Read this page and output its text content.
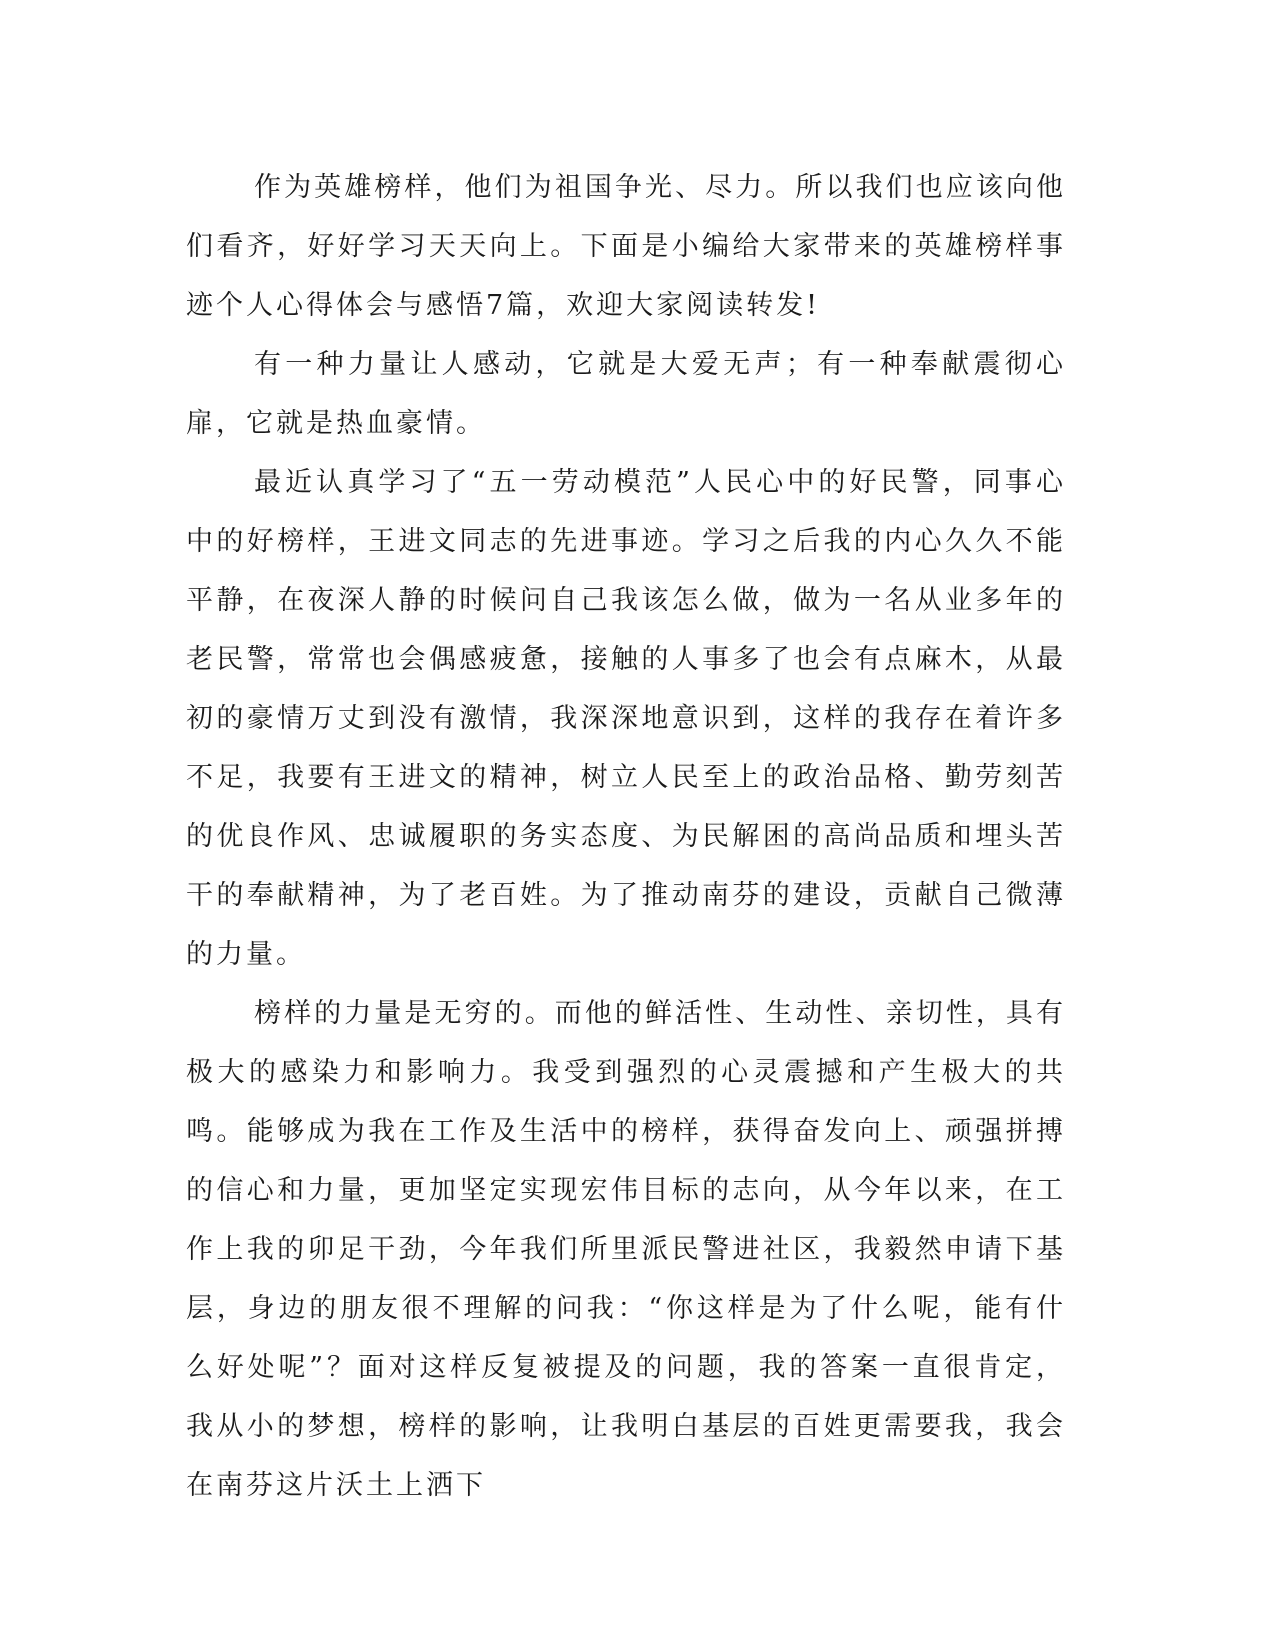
作为英雄榜样，他们为祖国争光、尽力。所以我们也应该向他们看齐，好好学习天天向上。下面是小编给大家带来的英雄榜样事迹个人心得体会与感悟7篇，欢迎大家阅读转发!

有一种力量让人感动，它就是大爱无声；有一种奉献震彻心扉，它就是热血豪情。

最近认真学习了“五一劳动模范”人民心中的好民警，同事心中的好榜样，王进文同志的先进事迹。学习之后我的内心久久不能平静，在夜深人静的时候问自己我该怎么做，做为一名从业多年的老民警，常常也会偶感疲惫，接触的人事多了也会有点麻木，从最初的豪情万丈到没有激情，我深深地意识到，这样的我存在着许多不足，我要有王进文的精神，树立人民至上的政治品格、勤劳刻苦的优良作风、忠诚履职的务实态度、为民解困的高尚品质和埋头苦干的奉献精神，为了老百姓。为了推动南芬的建设，贡献自己微薄的力量。

榜样的力量是无穷的。而他的鲜活性、生动性、亲切性，具有极大的感染力和影响力。我受到强烈的心灵震撼和产生极大的共鸣。能够成为我在工作及生活中的榜样，获得奋发向上、顽强拼搏的信心和力量，更加坚定实现宏伟目标的志向，从今年以来，在工作上我的卯足干劲，今年我们所里派民警进社区，我毅然申请下基层，身边的朋友很不理解的问我：“你这样是为了什么呢，能有什么好处呢”？面对这样反复被提及的问题，我的答案一直很肯定，我从小的梦想，榜样的影响，让我明白基层的百姓更需要我，我会在南芬这片沃土上洒下
